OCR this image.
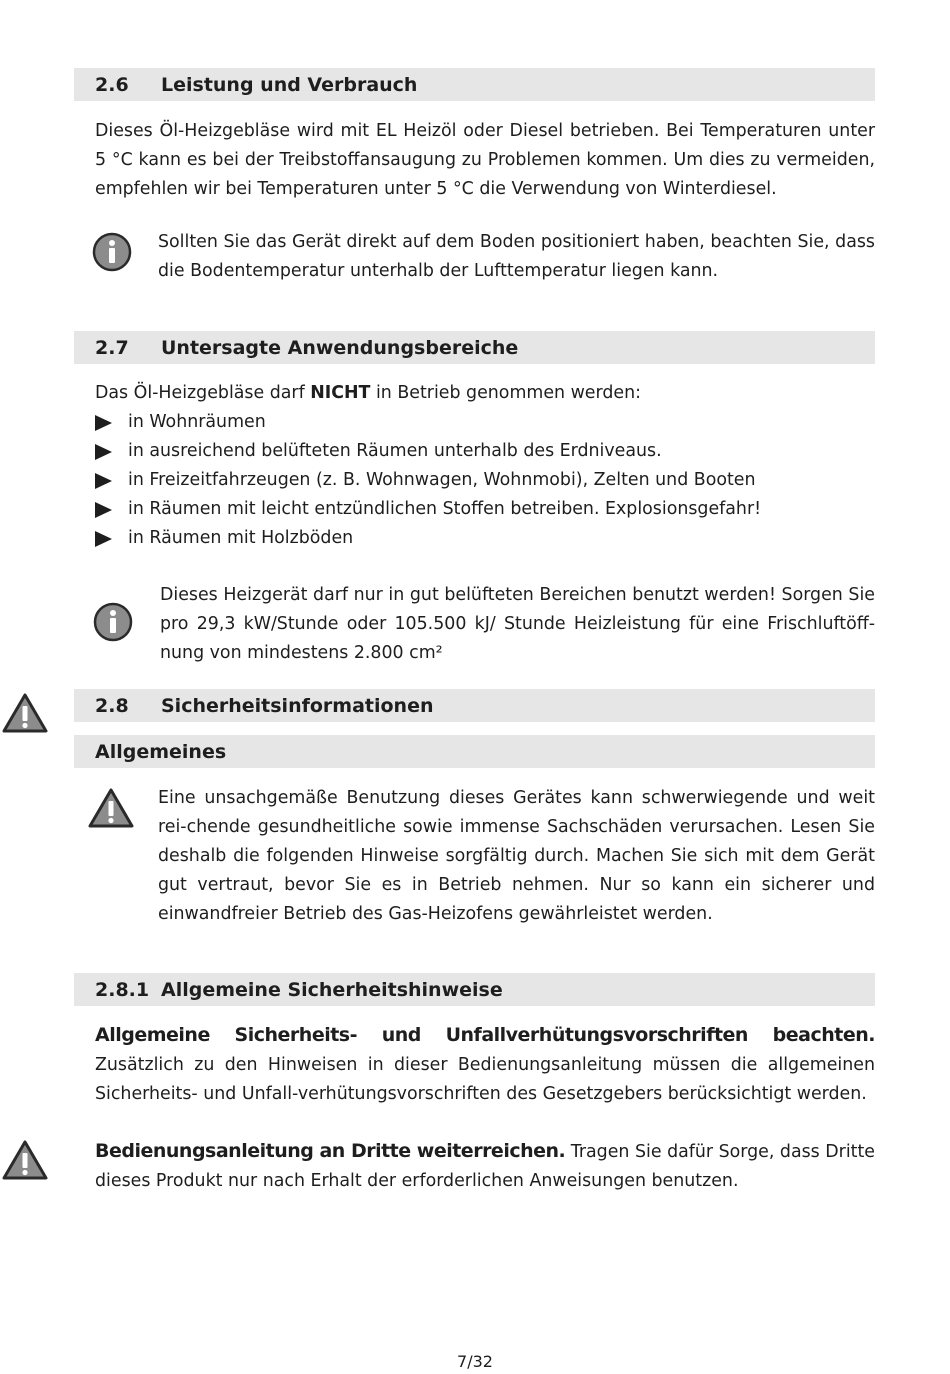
2.6	Leistung und Verbrauch
Dieses Öl-Heizgebläse wird mit EL Heizöl oder Diesel betrieben. Bei Temperaturen unter 5 °C kann es bei der Treibstoffansaugung zu Problemen kommen. Um dies zu vermeiden, empfehlen wir bei Temperaturen unter 5 °C die Verwendung von Winterdiesel.
Sollten Sie das Gerät direkt auf dem Boden positioniert haben, beachten Sie, dass die Bodentemperatur unterhalb der Lufttemperatur liegen kann.
2.7	Untersagte Anwendungsbereiche
Das Öl-Heizgebläse darf NICHT in Betrieb genommen werden:
in Wohnräumen
in ausreichend belüfteten Räumen unterhalb des Erdniveaus.
in Freizeitfahrzeugen (z. B. Wohnwagen, Wohnmobi), Zelten und Booten
in Räumen mit leicht entzündlichen Stoffen betreiben. Explosionsgefahr!
in Räumen mit Holzböden
Dieses Heizgerät darf nur in gut belüfteten Bereichen benutzt werden! Sorgen Sie pro 29,3 kW/Stunde oder 105.500 kJ/ Stunde Heizleistung für eine Frischluftöff-nung von mindestens 2.800 cm²
2.8	Sicherheitsinformationen
Allgemeines
Eine unsachgemäße Benutzung dieses Gerätes kann schwerwiegende und weit rei-chende gesundheitliche sowie immense Sachschäden verursachen. Lesen Sie deshalb die folgenden Hinweise sorgfältig durch. Machen Sie sich mit dem Gerät gut vertraut, bevor Sie es in Betrieb nehmen. Nur so kann ein sicherer und einwandfreier Betrieb des Gas-Heizofens gewährleistet werden.
2.8.1 Allgemeine Sicherheitshinweise
Allgemeine Sicherheits- und Unfallverhütungsvorschriften beachten. Zusätzlich zu den Hinweisen in dieser Bedienungsanleitung müssen die allgemeinen Sicherheits- und Unfall-verhütungsvorschriften des Gesetzgebers berücksichtigt werden.
Bedienungsanleitung an Dritte weiterreichen. Tragen Sie dafür Sorge, dass Dritte dieses Produkt nur nach Erhalt der erforderlichen Anweisungen benutzen.
7/32
